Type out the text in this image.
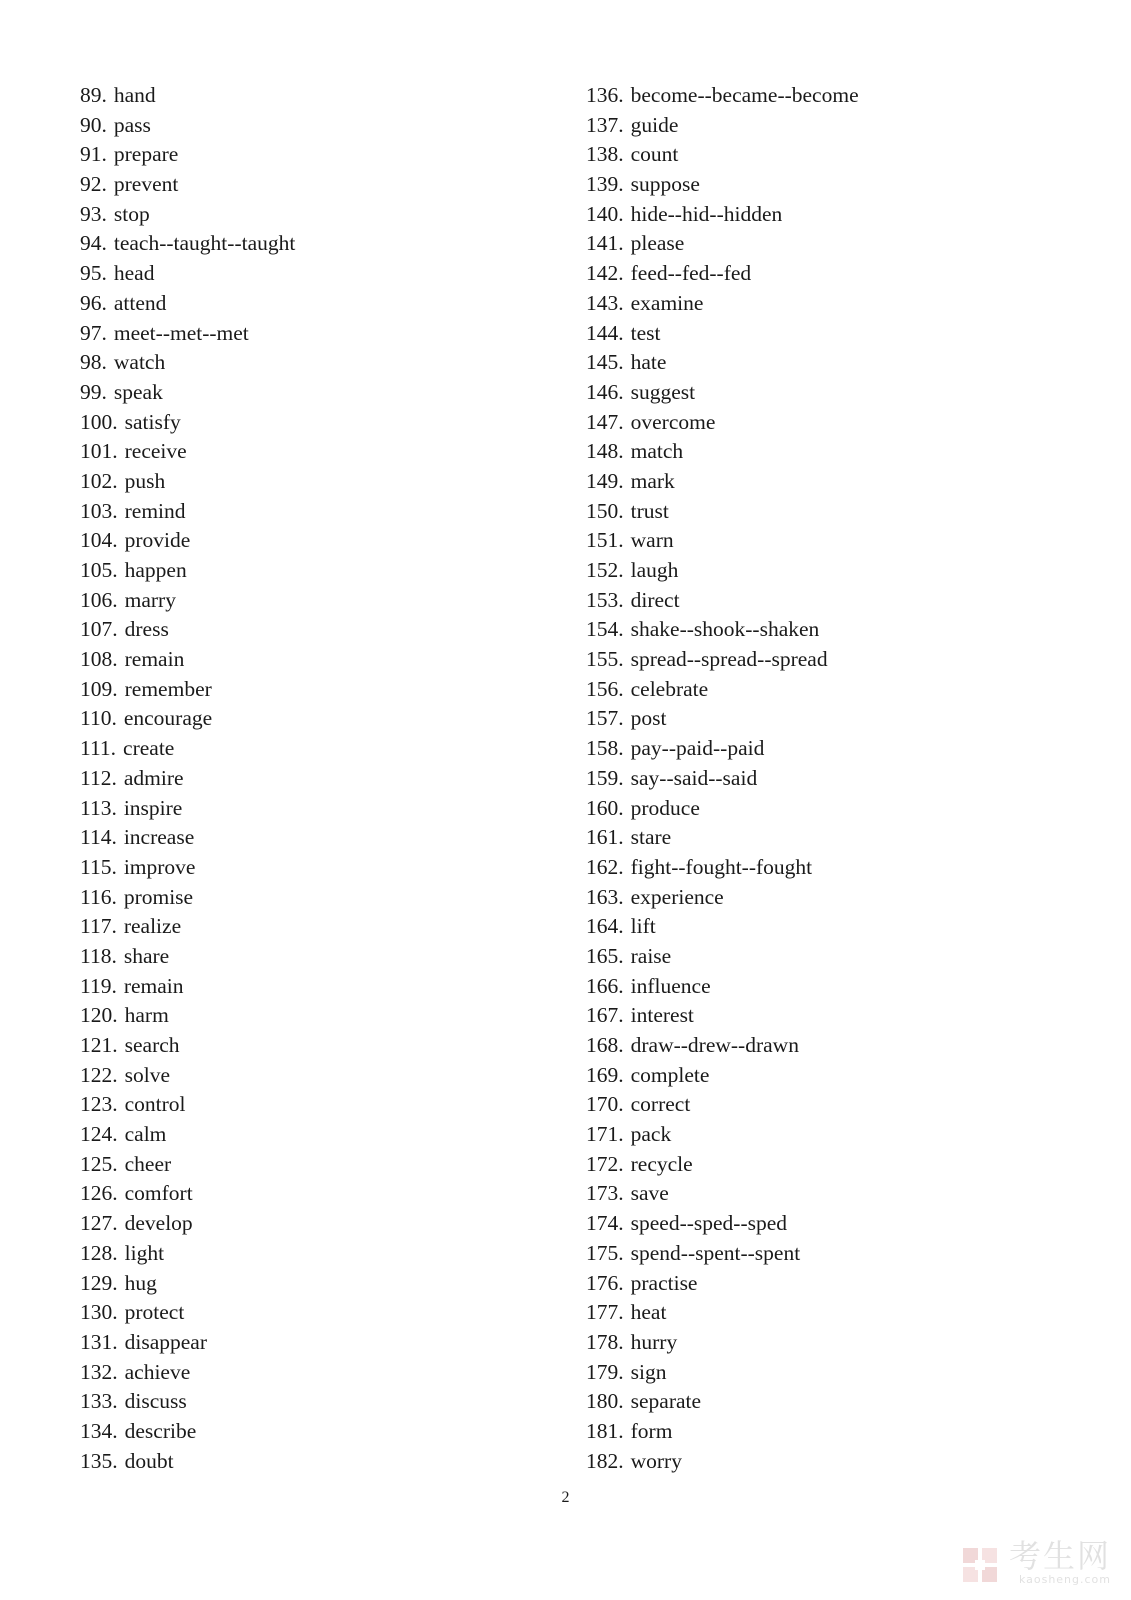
89. hand
90. pass
91. prepare
92. prevent
93. stop
94. teach--taught--taught
95. head
96. attend
97. meet--met--met
98. watch
99. speak
100. satisfy
101. receive
102. push
103. remind
104. provide
105. happen
106. marry
107. dress
108. remain
109. remember
110. encourage
111. create
112. admire
113. inspire
114. increase
115. improve
116. promise
117. realize
118. share
119. remain
120. harm
121. search
122. solve
123. control
124. calm
125. cheer
126. comfort
127. develop
128. light
129. hug
130. protect
131. disappear
132. achieve
133. discuss
134. describe
135. doubt
136. become--became--become
137. guide
138. count
139. suppose
140. hide--hid--hidden
141. please
142. feed--fed--fed
143. examine
144. test
145. hate
146. suggest
147. overcome
148. match
149. mark
150. trust
151. warn
152. laugh
153. direct
154. shake--shook--shaken
155. spread--spread--spread
156. celebrate
157. post
158. pay--paid--paid
159. say--said--said
160. produce
161. stare
162. fight--fought--fought
163. experience
164. lift
165. raise
166. influence
167. interest
168. draw--drew--drawn
169. complete
170. correct
171. pack
172. recycle
173. save
174. speed--sped--sped
175. spend--spent--spent
176. practise
177. heat
178. hurry
179. sign
180. separate
181. form
182. worry
2
考生网
kaosheng.com
